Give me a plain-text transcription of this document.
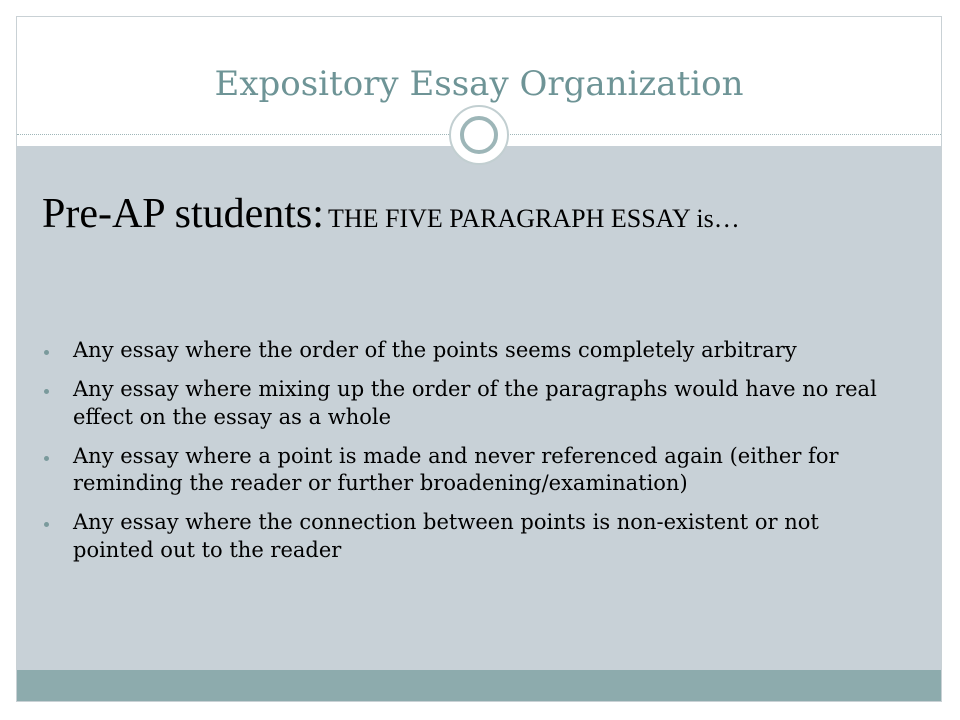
Expository Essay Organization
Pre-AP students: THE FIVE PARAGRAPH ESSAY is…
Any essay where the order of the points seems completely arbitrary
Any essay where mixing up the order of the paragraphs would have no real effect on the essay as a whole
Any essay where a point is made and never referenced again (either for reminding the reader or further broadening/examination)
Any essay where the connection between points is non-existent or not pointed out to the reader
